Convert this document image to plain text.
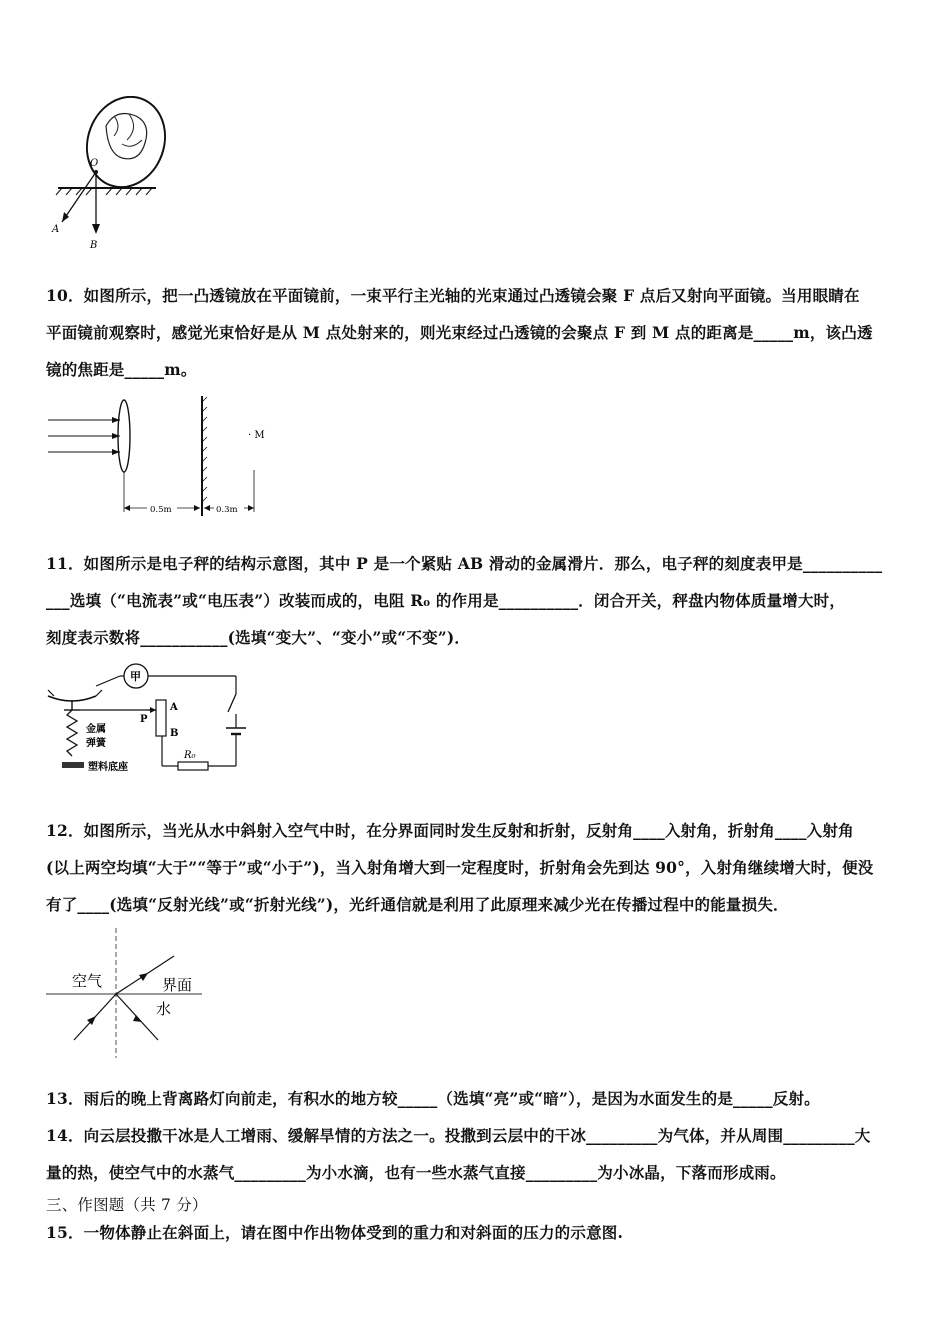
O
A
B
10．如图所示，把一凸透镜放在平面镜前，一束平行主光轴的光束通过凸透镜会聚 F 点后又射向平面镜。当用眼睛在
平面镜前观察时，感觉光束恰好是从 M 点处射来的，则光束经过凸透镜的会聚点 F 到 M 点的距离是_____m，该凸透
镜的焦距是_____m。
· M
0.5m	0.3m
11．如图所示是电子秤的结构示意图，其中 P 是一个紧贴 AB 滑动的金属滑片．那么，电子秤的刻度表甲是__________
___选填（“电流表”或“电压表”）改装而成的，电阻 R₀ 的作用是__________．闭合开关，秤盘内物体质量增大时，
刻度表示数将___________(选填“变大”、“变小”或“不变”)．
金属
弹簧
塑料底座
甲
R₀
A
B
P
12．如图所示，当光从水中斜射入空气中时，在分界面同时发生反射和折射，反射角____入射角，折射角____入射角
(以上两空均填“大于”“等于”或“小于”)，当入射角增大到一定程度时，折射角会先到达 90°，入射角继续增大时，便没
有了____(选填“反射光线”或“折射光线”)，光纤通信就是利用了此原理来减少光在传播过程中的能量损失．
空气	界面
水
13．雨后的晚上背离路灯向前走，有积水的地方较_____（选填“亮”或“暗”），是因为水面发生的是_____反射。
14．向云层投撒干冰是人工增雨、缓解旱情的方法之一。投撒到云层中的干冰_________为气体，并从周围_________大
量的热，使空气中的水蒸气_________为小水滴，也有一些水蒸气直接_________为小冰晶，下落而形成雨。
三、作图题（共 7 分）
15．一物体静止在斜面上，请在图中作出物体受到的重力和对斜面的压力的示意图.
